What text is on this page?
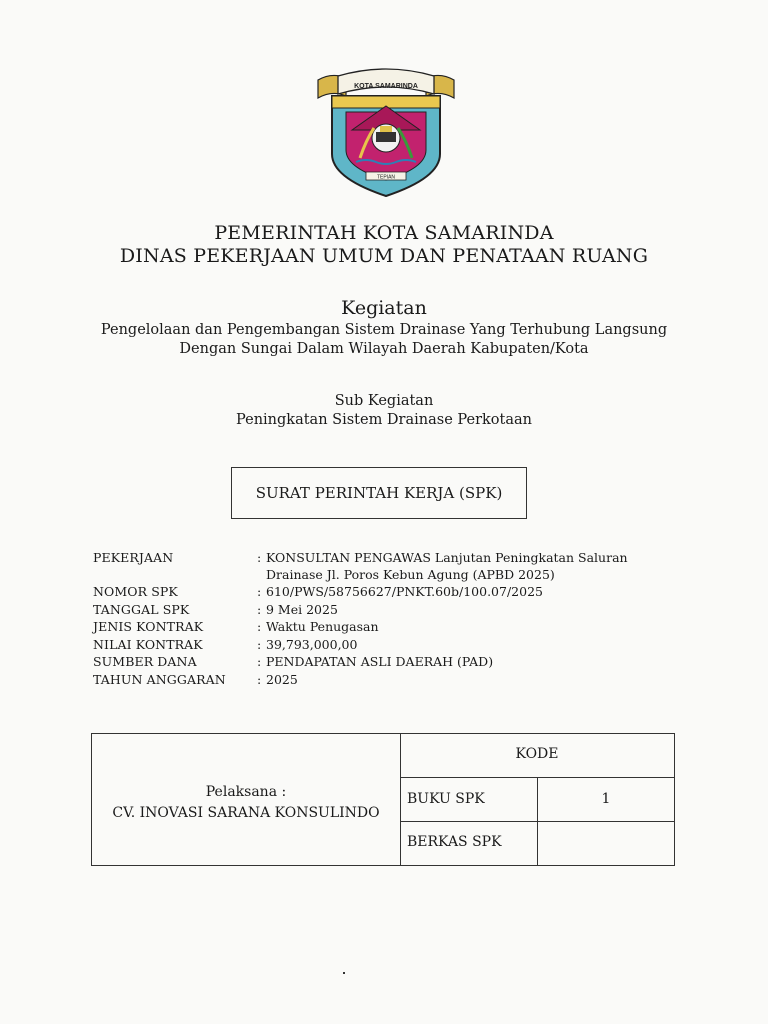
KOTA SAMARINDA
TEPIAN
PEMERINTAH KOTA SAMARINDA
DINAS PEKERJAAN UMUM DAN PENATAAN RUANG
Kegiatan
Pengelolaan dan Pengembangan Sistem Drainase Yang Terhubung Langsung
Dengan Sungai Dalam Wilayah Daerah Kabupaten/Kota
Sub Kegiatan
Peningkatan Sistem Drainase Perkotaan
SURAT PERINTAH KERJA (SPK)
PEKERJAAN	: KONSULTAN PENGAWAS Lanjutan Peningkatan Saluran
Drainase Jl. Poros Kebun Agung (APBD 2025)
NOMOR SPK	: 610/PWS/58756627/PNKT.60b/100.07/2025
TANGGAL SPK	: 9 Mei 2025
JENIS KONTRAK	: Waktu Penugasan
NILAI KONTRAK	: 39,793,000,00
SUMBER DANA	: PENDAPATAN ASLI DAERAH (PAD)
TAHUN ANGGARAN : 2025
Pelaksana :
CV. INOVASI SARANA KONSULINDO
KODE
BUKU SPK	1
BERKAS SPK
